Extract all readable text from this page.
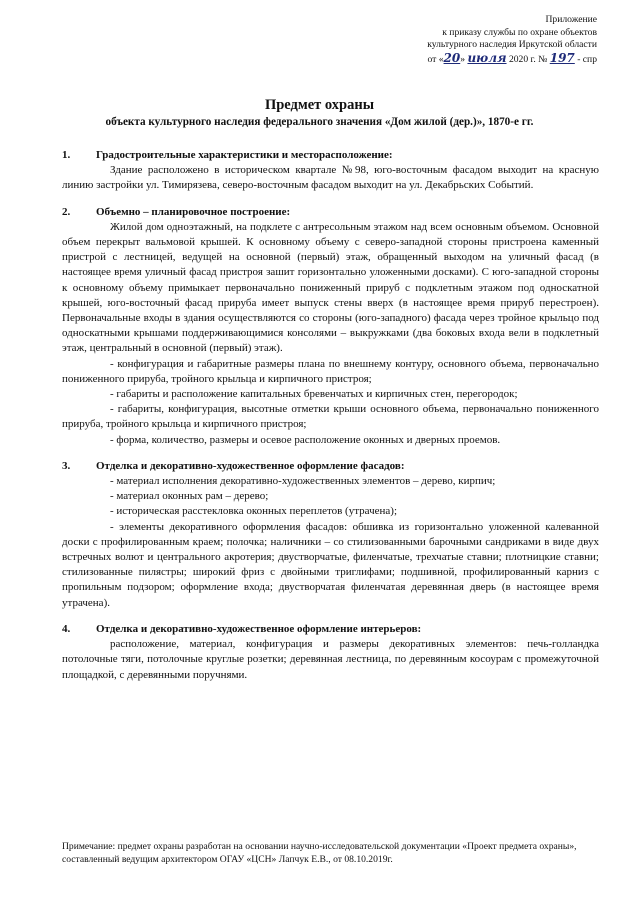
Приложение
к приказу службы по охране объектов
культурного наследия Иркутской области
от «20» июля 2020 г. № 197 - спр
Предмет охраны
объекта культурного наследия федерального значения «Дом жилой (дер.)», 1870-е гг.
1.	Градостроительные характеристики и месторасположение:

Здание расположено в историческом квартале №98, юго-восточным фасадом выходит на красную линию застройки ул. Тимирязева, северо-восточным фасадом выходит на ул. Декабрьских Событий.

2.	Объемно – планировочное построение:

Жилой дом одноэтажный, на подклете с антресольным этажом над всем основным объемом. Основной объем перекрыт вальмовой крышей. К основному объему с северо-западной стороны пристроена каменный пристрой с лестницей, ведущей на основной (первый) этаж, обращенный выходом на уличный фасад (в настоящее время уличный фасад пристроя зашит горизонтально уложенными досками). С юго-западной стороны к основному объему примыкает первоначально пониженный прируб с подклетным этажом под односкатной крышей, юго-восточный фасад прируба имеет выпуск стены вверх (в настоящее время прируб перестроен). Первоначальные входы в здания осуществляются со стороны (юго-западного) фасада через тройное крыльцо под односкатными крышами поддерживающимися консолями – выкружками (два боковых входа вели в подклетный этаж, центральный в основной (первый) этаж).

- конфигурация и габаритные размеры плана по внешнему контуру, основного объема, первоначально пониженного прируба, тройного крыльца и кирпичного пристроя;

- габариты и расположение капитальных бревенчатых и кирпичных стен, перегородок;

- габариты, конфигурация, высотные отметки крыши основного объема, первоначально пониженного прируба, тройного крыльца и кирпичного пристроя;

- форма, количество, размеры и осевое расположение оконных и дверных проемов.

3.	Отделка и декоративно-художественное оформление фасадов:

- материал исполнения декоративно-художественных элементов – дерево, кирпич;

- материал оконных рам – дерево;

- историческая расстекловка оконных переплетов (утрачена);

- элементы декоративного оформления фасадов: обшивка из горизонтально уложенной калеванной доски с профилированным краем; полочка; наличники – со стилизованными барочными сандриками в виде двух встречных волют и центрального акротерия; двустворчатые, филенчатые, трехчатые ставни; плотницкие ставни; стилизованные пилястры; широкий фриз с двойными триглифами; подшивной, профилированный карниз с пропильным подзором; оформление входа; двустворчатая филенчатая деревянная дверь (в настоящее время утрачена).

4.	Отделка и декоративно-художественное оформление интерьеров:

расположение, материал, конфигурация и размеры декоративных элементов: печь-голландка потолочные тяги, потолочные круглые розетки; деревянная лестница, по деревянным косоурам с промежуточной площадкой, с деревянными поручнями.

Примечание: предмет охраны разработан на основании научно-исследовательской документации «Проект предмета охраны», составленный ведущим архитектором ОГАУ «ЦСН» Лапчук Е.В., от 08.10.2019г.
